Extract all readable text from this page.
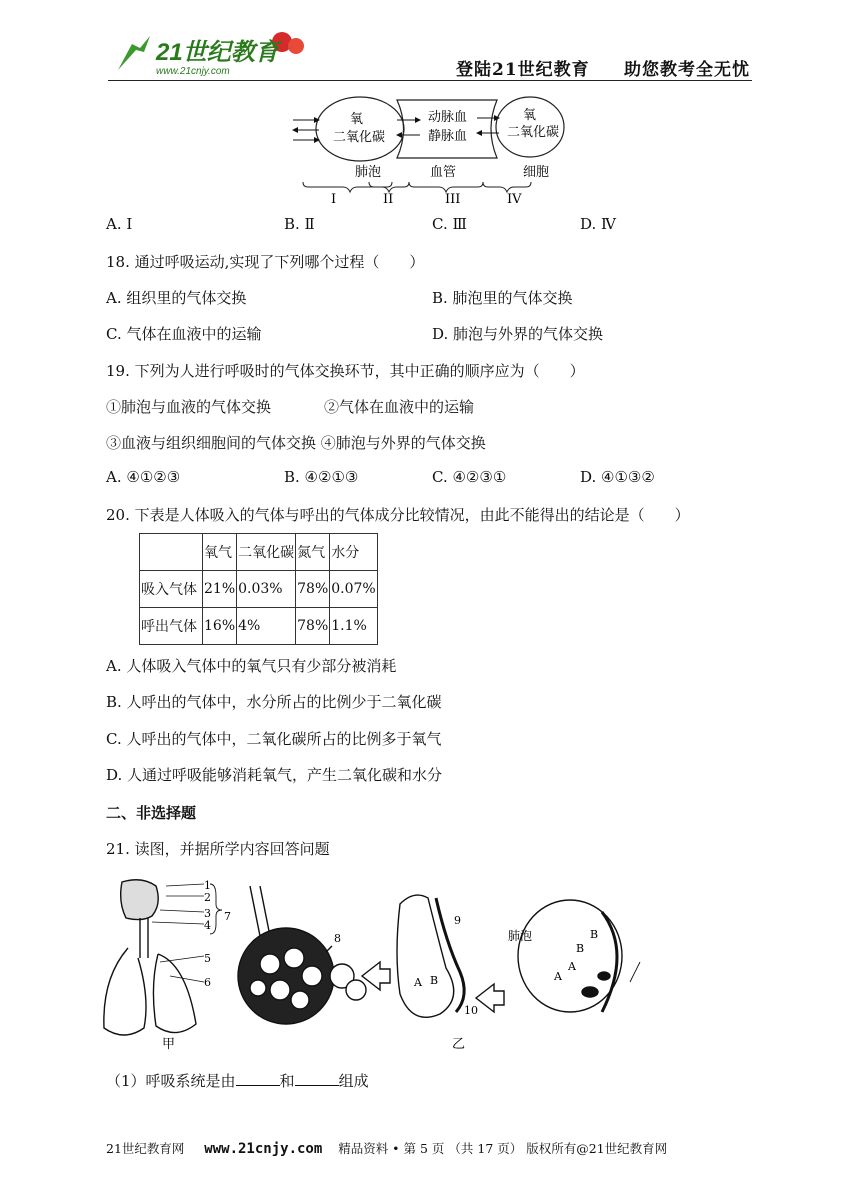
21世纪教育
www.21cnjy.com	登陆21世纪教育 助您教考全无忧
氧
二氧化碳
动脉血
静脉血
氧
二氧化碳
肺泡	血管	细胞
I	II	III	IV
A. Ⅰ	B. Ⅱ	C. Ⅲ	D. Ⅳ
18. 通过呼吸运动,实现了下列哪个过程（　　）
A. 组织里的气体交换	B. 肺泡里的气体交换
C. 气体在血液中的运输	D. 肺泡与外界的气体交换
19. 下列为人进行呼吸时的气体交换环节，其中正确的顺序应为（　　）
①肺泡与血液的气体交换	②气体在血液中的运输
③血液与组织细胞间的气体交换 ④肺泡与外界的气体交换
A. ④①②③	B. ④②①③	C. ④②③①	D. ④①③②
20. 下表是人体吸入的气体与呼出的气体成分比较情况，由此不能得出的结论是（　　）
	氧气	二氧化碳	氮气	水分
吸入气体	21%	0.03%	78%	0.07%
呼出气体	16%	4%	78%	1.1%
A. 人体吸入气体中的氧气只有少部分被消耗
B. 人呼出的气体中，水分所占的比例少于二氧化碳
C. 人呼出的气体中，二氧化碳所占的比例多于氧气
D. 人通过呼吸能够消耗氧气，产生二氧化碳和水分
二、非选择题
21. 读图，并据所学内容回答问题
1
2
3
4
5
6
7
甲
8
9
10
A B
乙
肺泡
B
B
A
A
（1）呼吸系统是由	和	组成
21世纪教育网 www.21cnjy.com 精品资料 • 第 5 页 （共 17 页） 版权所有@21世纪教育网
